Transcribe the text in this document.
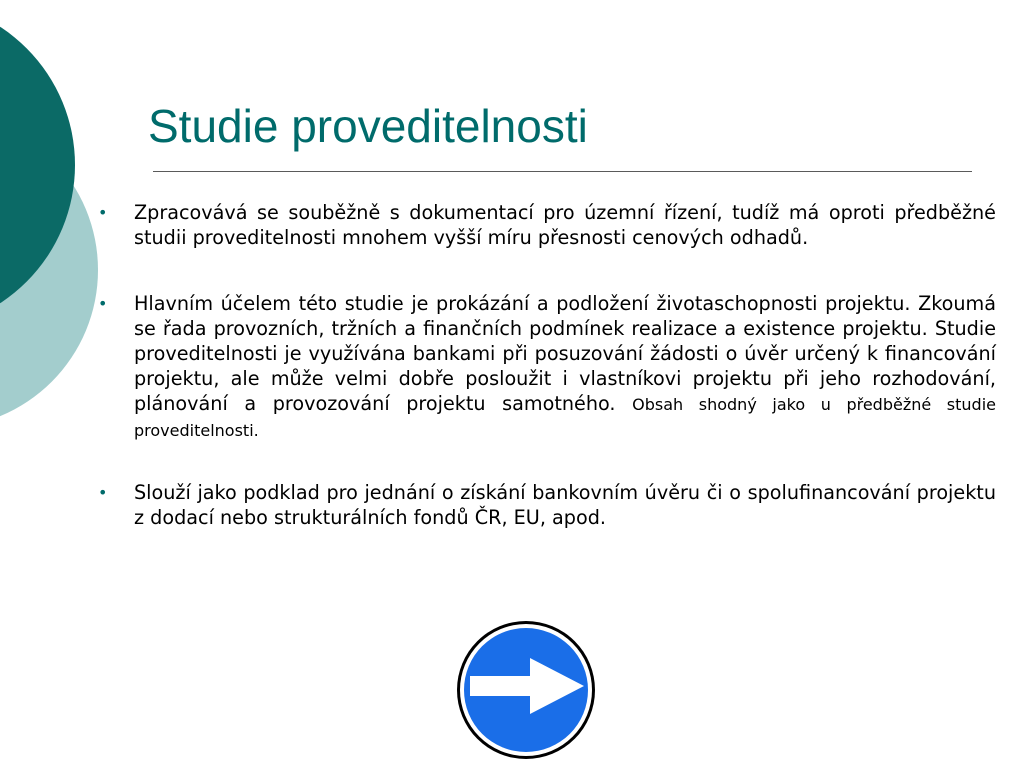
Studie proveditelnosti
• Zpracovává se souběžně s dokumentací pro územní řízení, tudíž má oproti předběžné studii proveditelnosti mnohem vyšší míru přesnosti cenových odhadů.
• Hlavním účelem této studie je prokázání a podložení životaschopnosti projektu. Zkoumá se řada provozních, tržních a finančních podmínek realizace a existence projektu. Studie proveditelnosti je využívána bankami při posuzování žádosti o úvěr určený k financování projektu, ale může velmi dobře posloužit i vlastníkovi projektu při jeho rozhodování, plánování a provozování projektu samotného. Obsah shodný jako u předběžné studie proveditelnosti.
• Slouží jako podklad pro jednání o získání bankovním úvěru či o spolufinancování projektu z dodací nebo strukturálních fondů ČR, EU, apod.
